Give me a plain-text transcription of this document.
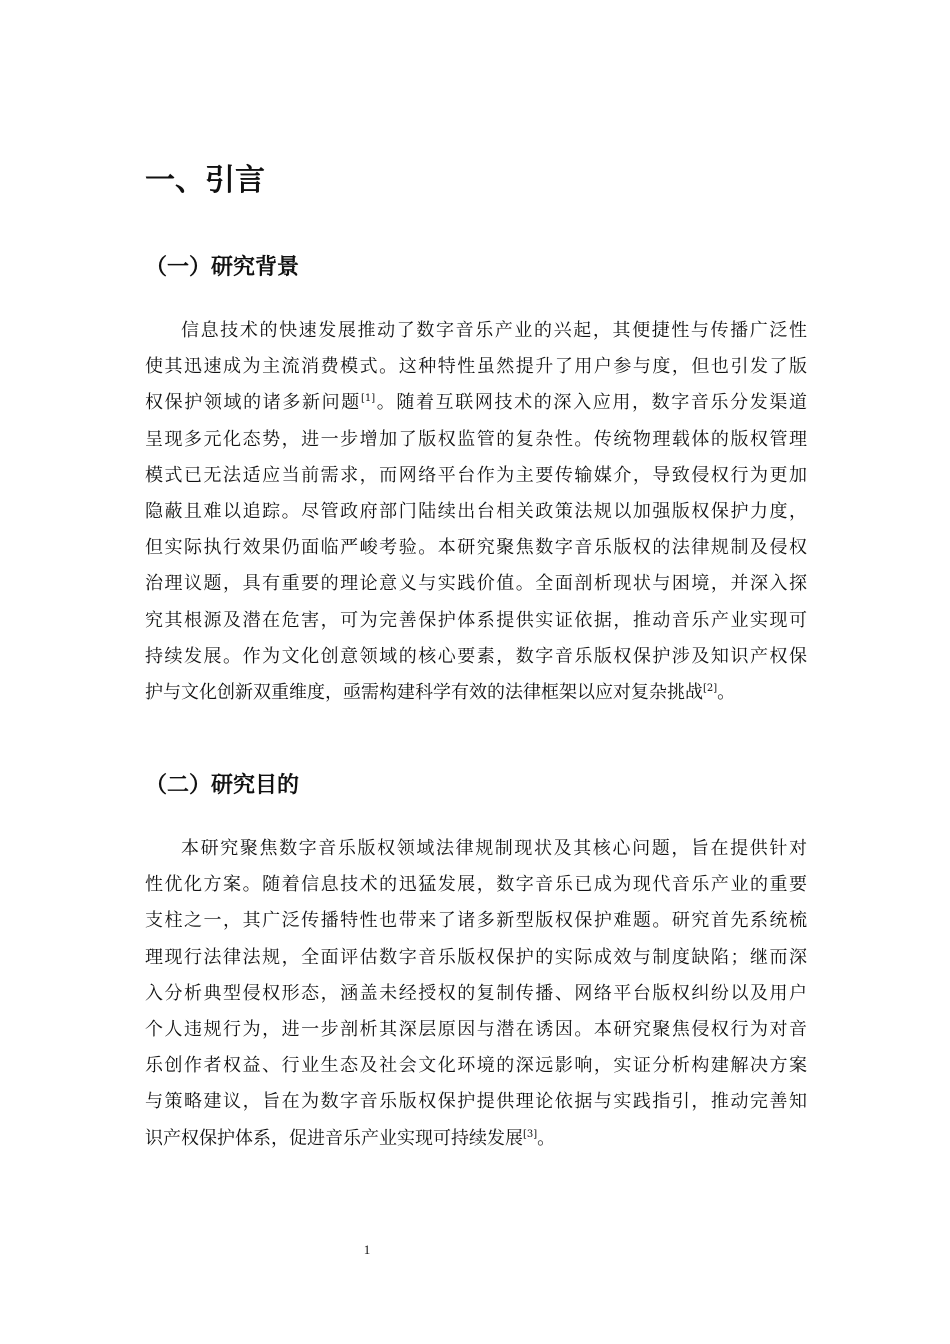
一、引言
（一）研究背景
信息技术的快速发展推动了数字音乐产业的兴起，其便捷性与传播广泛性
使其迅速成为主流消费模式。这种特性虽然提升了用户参与度，但也引发了版
权保护领域的诸多新问题[1]。随着互联网技术的深入应用，数字音乐分发渠道
呈现多元化态势，进一步增加了版权监管的复杂性。传统物理载体的版权管理
模式已无法适应当前需求，而网络平台作为主要传输媒介，导致侵权行为更加
隐蔽且难以追踪。尽管政府部门陆续出台相关政策法规以加强版权保护力度，
但实际执行效果仍面临严峻考验。本研究聚焦数字音乐版权的法律规制及侵权
治理议题，具有重要的理论意义与实践价值。全面剖析现状与困境，并深入探
究其根源及潜在危害，可为完善保护体系提供实证依据，推动音乐产业实现可
持续发展。作为文化创意领域的核心要素，数字音乐版权保护涉及知识产权保
护与文化创新双重维度，亟需构建科学有效的法律框架以应对复杂挑战[2]。
（二）研究目的
本研究聚焦数字音乐版权领域法律规制现状及其核心问题，旨在提供针对
性优化方案。随着信息技术的迅猛发展，数字音乐已成为现代音乐产业的重要
支柱之一，其广泛传播特性也带来了诸多新型版权保护难题。研究首先系统梳
理现行法律法规，全面评估数字音乐版权保护的实际成效与制度缺陷；继而深
入分析典型侵权形态，涵盖未经授权的复制传播、网络平台版权纠纷以及用户
个人违规行为，进一步剖析其深层原因与潜在诱因。本研究聚焦侵权行为对音
乐创作者权益、行业生态及社会文化环境的深远影响，实证分析构建解决方案
与策略建议，旨在为数字音乐版权保护提供理论依据与实践指引，推动完善知
识产权保护体系，促进音乐产业实现可持续发展[3]。
1
